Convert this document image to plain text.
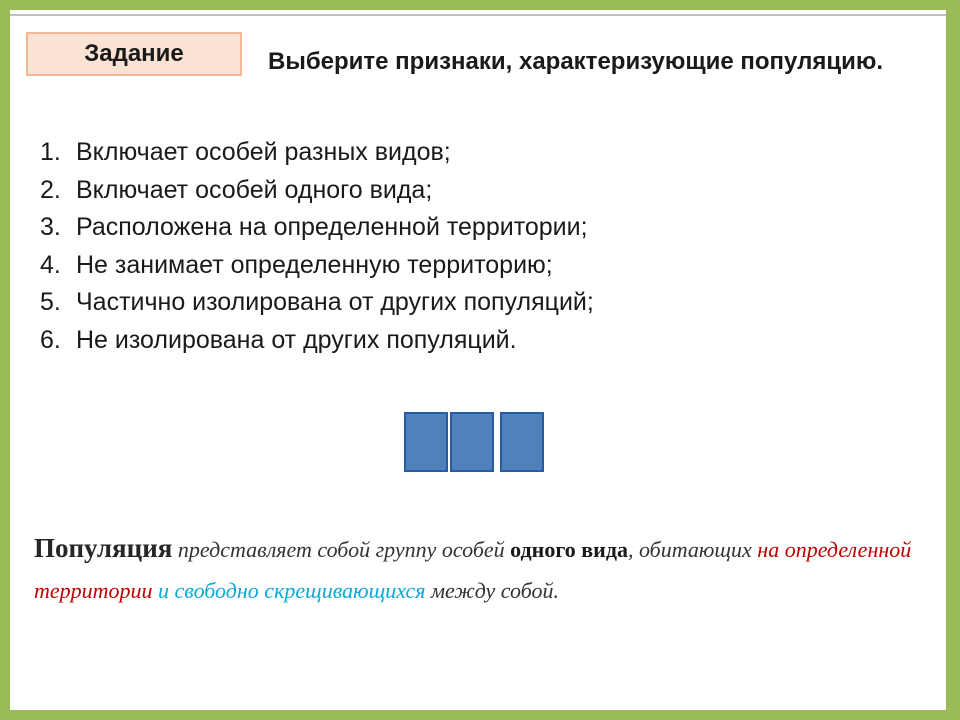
Задание	Выберите признаки, характеризующие популяцию.
1. Включает особей разных видов;
2. Включает особей одного вида;
3. Расположена на определенной территории;
4. Не занимает определенную территорию;
5. Частично изолирована от других популяций;
6. Не изолирована от других популяций.
Популяция представляет собой группу особей одного вида, обитающих на определенной территории и свободно скрещивающихся между собой.
